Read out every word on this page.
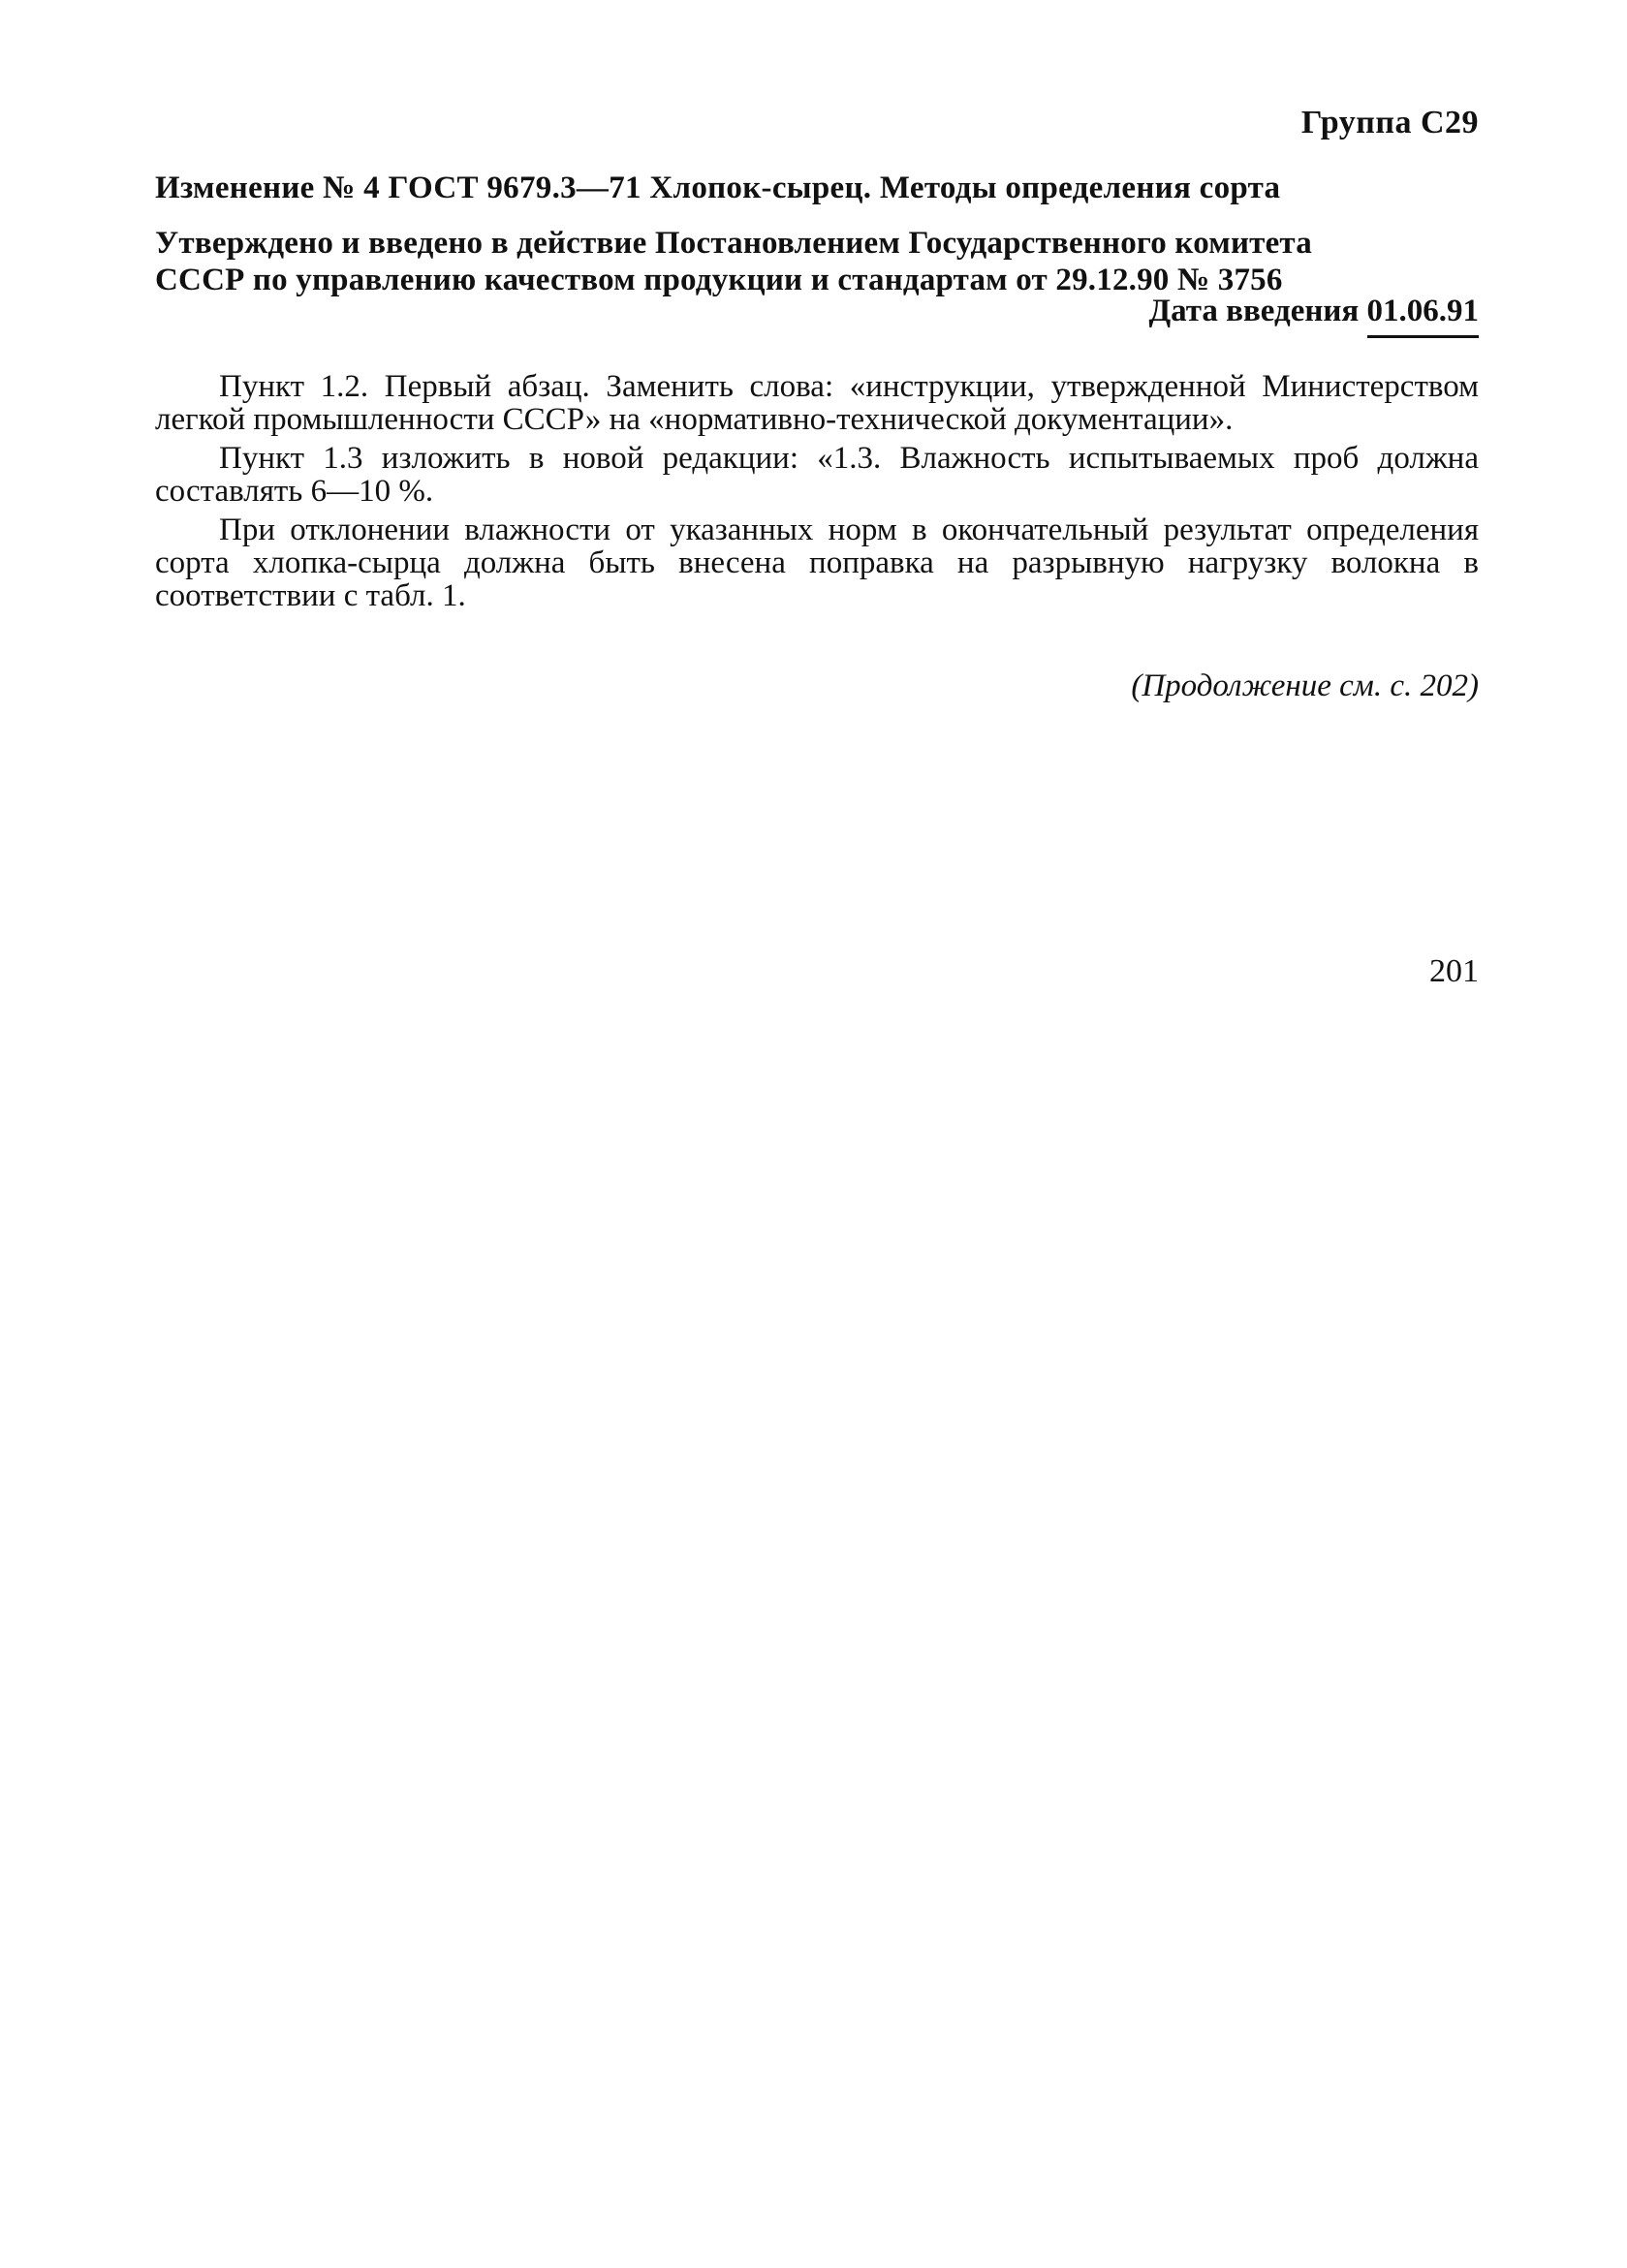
Группа С29
Изменение № 4 ГОСТ 9679.3—71 Хлопок-сырец. Методы определения сорта
Утверждено и введено в действие Постановлением Государственного комитета
СССР по управлению качеством продукции и стандартам от 29.12.90 № 3756
Дата введения 01.06.91

Пункт 1.2. Первый абзац. Заменить слова: «инструкции, утвержденной Министерством легкой промышленности СССР» на «нормативно-технической документации».

Пункт 1.3 изложить в новой редакции: «1.3. Влажность испытываемых проб должна составлять 6—10 %.

При отклонении влажности от указанных норм в окончательный результат определения сорта хлопка-сырца должна быть внесена поправка на разрывную нагрузку волокна в соответствии с табл. 1.

(Продолжение см. с. 202)
201
